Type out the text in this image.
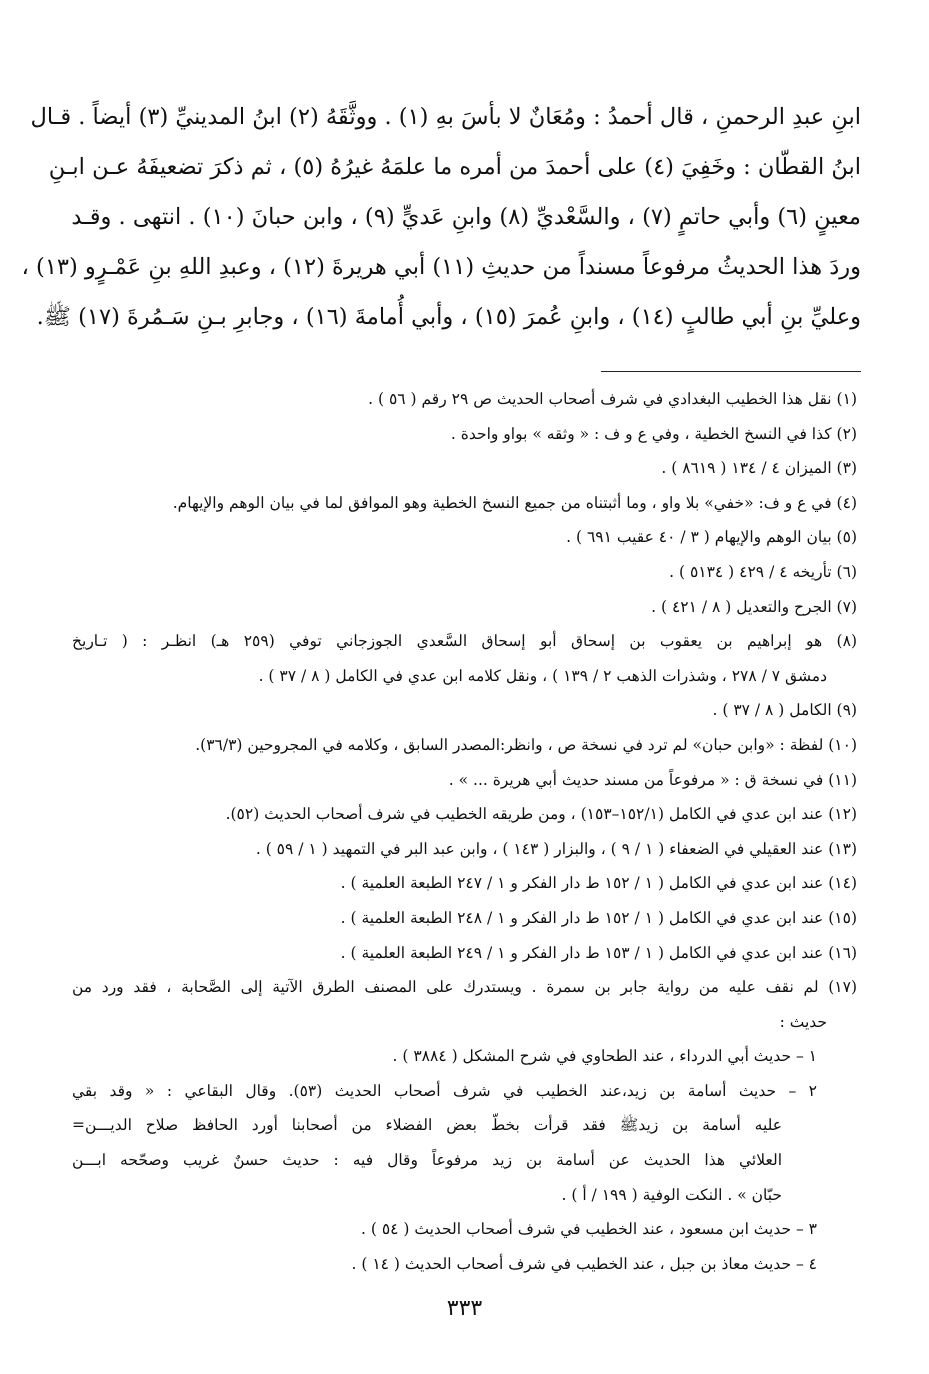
ابنِ عبدِ الرحمنِ ، قال أحمدُ : ومُعَانٌ لا بأسَ بهِ (١) . ووثَّقَهُ (٢) ابنُ المدينيِّ (٣) أيضاً . قـال
ابنُ القطّان : وخَفِيَ (٤) على أحمدَ من أمره ما علمَهُ غيرُهُ (٥) ، ثم ذكرَ تضعيفَهُ عـن ابـنِ
معينٍ (٦) وأبي حاتمٍ (٧) ، والسَّعْديِّ (٨) وابنِ عَديٍّ (٩) ، وابن حبانَ (١٠) . انتهى . وقـد
وردَ هذا الحديثُ مرفوعاً مسنداً من حديثِ (١١) أبي هريرةَ (١٢) ، وعبدِ اللهِ بنِ عَمْـرٍو (١٣) ،
وعليِّ بنِ أبي طالبٍ (١٤) ، وابنِ عُمرَ (١٥) ، وأبي أُمامةَ (١٦) ، وجابرِ بـنِ سَـمُرةَ (١٧) ﷺ.
(١) نقل هذا الخطيب البغدادي في شرف أصحاب الحديث ص ٢٩ رقم ( ٥٦ ) .
(٢) كذا في النسخ الخطية ، وفي ع و ف : « وثقه » بواو واحدة .
(٣) الميزان ٤ / ١٣٤ ( ٨٦١٩ ) .
(٤) في ع و ف: «خفي» بلا واو ، وما أثبتناه من جميع النسخ الخطية وهو الموافق لما في بيان الوهم والإيهام.
(٥) بيان الوهم والإيهام ( ٣ / ٤٠ عقيب ٦٩١ ) .
(٦) تأريخه ٤ / ٤٢٩ ( ٥١٣٤ ) .
(٧) الجرح والتعديل ( ٨ / ٤٢١ ) .
(٨) هو إبراهيم بن يعقوب بن إسحاق أبو إسحاق السَّعدي الجوزجاني توفي (٢٥٩ هـ) انظـر : ( تـاريخ
دمشق ٧ / ٢٧٨ ، وشذرات الذهب ٢ / ١٣٩ ) ، ونقل كلامه ابن عدي في الكامل ( ٨ / ٣٧ ) .
(٩) الكامل ( ٨ / ٣٧ ) .
(١٠) لفظة : «وابن حبان» لم ترد في نسخة ص ، وانظر:المصدر السابق ، وكلامه في المجروحين (٣٦/٣).
(١١) في نسخة ق : « مرفوعاً من مسند حديث أبي هريرة ... » .
(١٢) عند ابن عدي في الكامل (١٥٢/١–١٥٣) ، ومن طريقه الخطيب في شرف أصحاب الحديث (٥٢).
(١٣) عند العقيلي في الضعفاء ( ١ / ٩ ) ، والبزار ( ١٤٣ ) ، وابن عبد البر في التمهيد ( ١ / ٥٩ ) .
(١٤) عند ابن عدي في الكامل ( ١ / ١٥٢ ط دار الفكر و ١ / ٢٤٧ الطبعة العلمية ) .
(١٥) عند ابن عدي في الكامل ( ١ / ١٥٢ ط دار الفكر و ١ / ٢٤٨ الطبعة العلمية ) .
(١٦) عند ابن عدي في الكامل ( ١ / ١٥٣ ط دار الفكر و ١ / ٢٤٩ الطبعة العلمية ) .
(١٧) لم نقف عليه من رواية جابر بن سمرة . ويستدرك على المصنف الطرق الآتية إلى الصَّحابة ، فقد ورد من
حديث :
١ – حديث أبي الدرداء ، عند الطحاوي في شرح المشكل ( ٣٨٨٤ ) .
٢ – حديث أسامة بن زيد،عند الخطيب في شرف أصحاب الحديث (٥٣). وقال البقاعي : « وقد بقي
عليه أسامة بن زيدﷺ فقد قرأت بخطّ بعض الفضلاء من أصحابنا أورد الحافظ صلاح الديـــن=
العلائي هذا الحديث عن أسامة بن زيد مرفوعاً وقال فيه : حديث حسنٌ غريب وصحّحه ابـــن
حبّان » . النكت الوفية ( ١٩٩ / أ ) .
٣ – حديث ابن مسعود ، عند الخطيب في شرف أصحاب الحديث ( ٥٤ ) .
٤ – حديث معاذ بن جبل ، عند الخطيب في شرف أصحاب الحديث ( ١٤ ) .
٣٣٣
